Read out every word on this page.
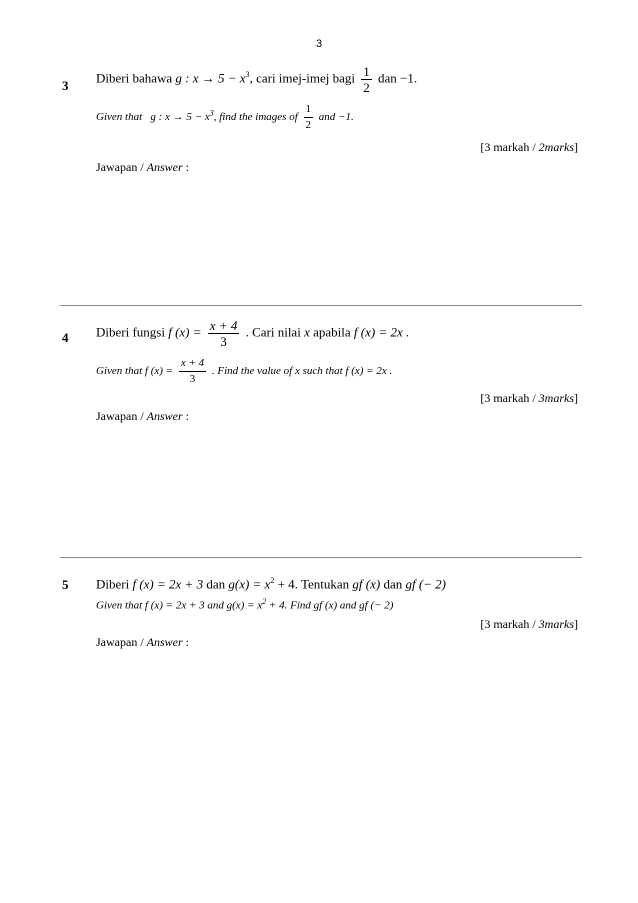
3
3
Diberi bahawa g : $x \to 5 - x^3$, cari imej-imej bagi $\frac{1}{2}$ dan −1.
Given that g : $x \to 5 - x^3$, find the images of $\frac{1}{2}$ and −1.
[3 markah / 2marks]
Jawapan / Answer :
4 Diberi fungsi f $(x) = \frac{x + 4}{3}$ . Cari nilai x apabila f (x) = 2x .
Given that f $(x) = \frac{x + 4}{3}$ . Find the value of x such that f (x) = 2x .
[3 markah / 3marks]
Jawapan / Answer :
5 Diberi f (x) = 2x + 3 dan $g(x) = x^2 + 4$. Tentukan gf (x) dan gf (− 2)
Given that f (x) = 2x + 3 and $g(x) = x^2 + 4$. Find gf (x) and gf (− 2)
[3 markah / 3marks]
Jawapan / Answer :
